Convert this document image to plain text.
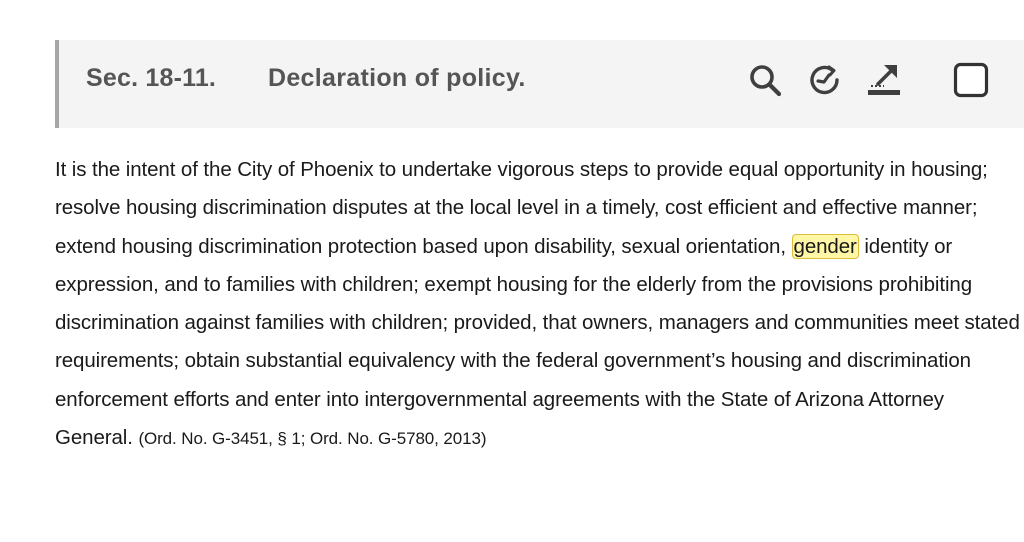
Sec. 18-11. Declaration of policy.
It is the intent of the City of Phoenix to undertake vigorous steps to provide equal opportunity in housing; resolve housing discrimination disputes at the local level in a timely, cost efficient and effective manner; extend housing discrimination protection based upon disability, sexual orientation, gender identity or expression, and to families with children; exempt housing for the elderly from the provisions prohibiting discrimination against families with children; provided, that owners, managers and communities meet stated requirements; obtain substantial equivalency with the federal government’s housing and discrimination enforcement efforts and enter into intergovernmental agreements with the State of Arizona Attorney General. (Ord. No. G-3451, § 1; Ord. No. G-5780, 2013)
